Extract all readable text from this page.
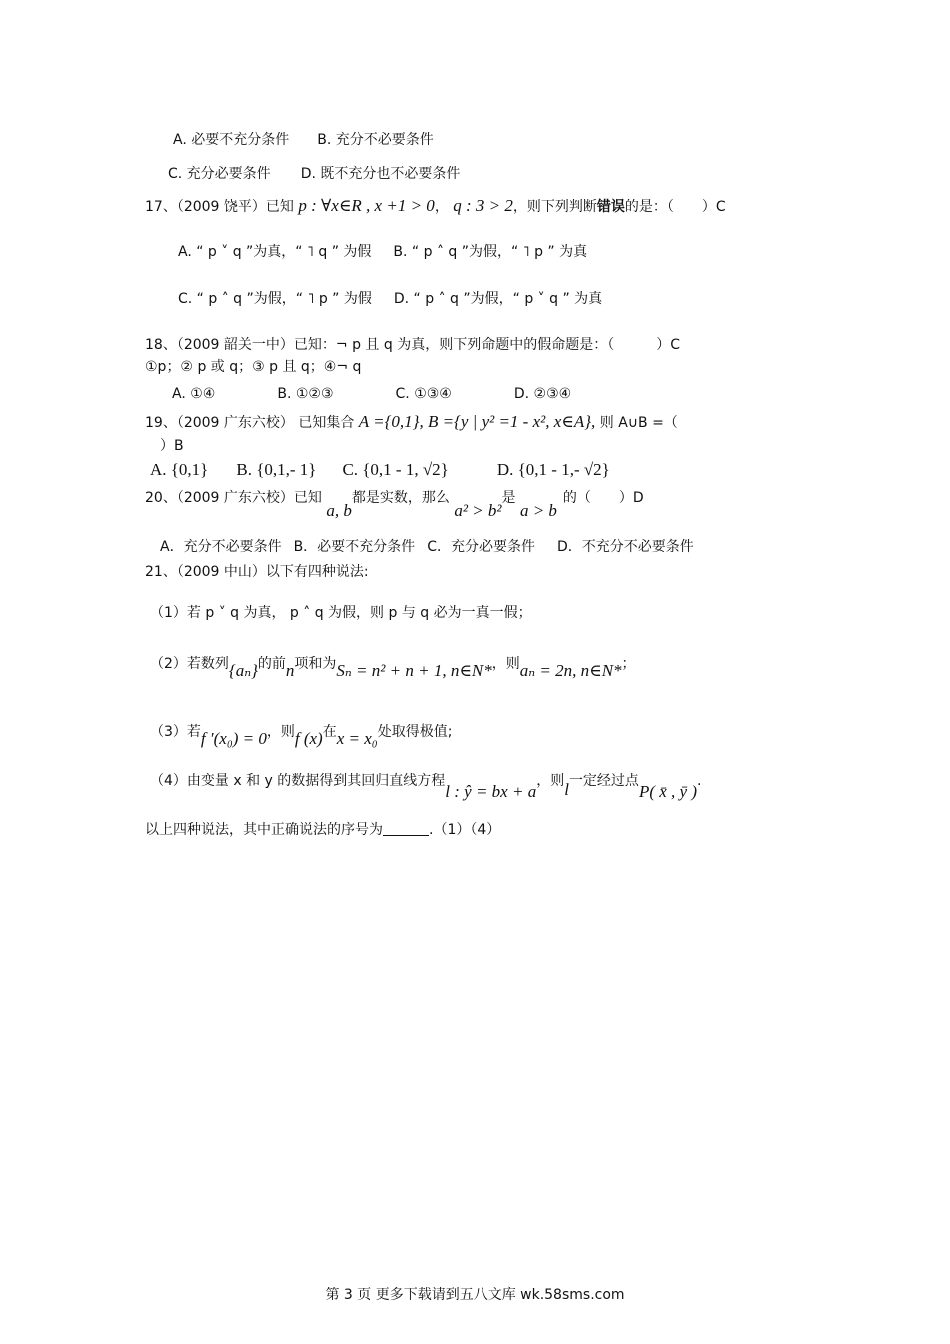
A. 必要不充分条件 B. 充分不必要条件
C. 充分必要条件 D. 既不充分也不必要条件
17、（2009 饶平）已知 p : ∀x∈R , x +1 > 0， q : 3 > 2，则下列判断错误的是：（　　）C
A. “ p ˅ q ”为真，“ ˥ q ” 为假 B. “ p ˄ q ”为假，“ ˥ p ” 为真
C. “ p ˄ q ”为假，“ ˥ p ” 为假 D. “ p ˄ q ”为假，“ p ˅ q ” 为真
18、（2009 韶关一中）已知：¬ p 且 q 为真，则下列命题中的假命题是：（　　　）C
①p；② p 或 q；③ p 且 q；④¬ q
A. ①④	B. ①②③	C. ①③④	D. ②③④
19、（2009 广东六校） 已知集合 A ={0,1}, B ={y | y² =1 - x², x∈A}, 则 A∪B =（
）B
A. {0,1} B. {0,1,- 1} C. {0,1 - 1, √2}	D. {0,1 - 1,- √2}
20、（2009 广东六校）已知 a, b都是实数，那么 a² > b²是 a > b的（　　）D
A．充分不必要条件 B．必要不充分条件 C．充分必要条件 D．不充分不必要条件
21、（2009 中山）以下有四种说法:
（1）若 p ˅ q 为真， p ˄ q 为假，则 p 与 q 必为一真一假；
（2）若数列{aₙ}的前n项和为Sₙ = n² + n + 1, n∈N*，则aₙ = 2n, n∈N*；
（3）若f ′(x₀) = 0，则f (x)在x = x₀处取得极值;
（4）由变量 x 和 y 的数据得到其回归直线方程l : ŷ = bx + a，则l一定经过点P( x̄ , ȳ ).
以上四种说法，其中正确说法的序号为	.（1）（4）
第 3 页 更多下载请到五八文库 wk.58sms.com
